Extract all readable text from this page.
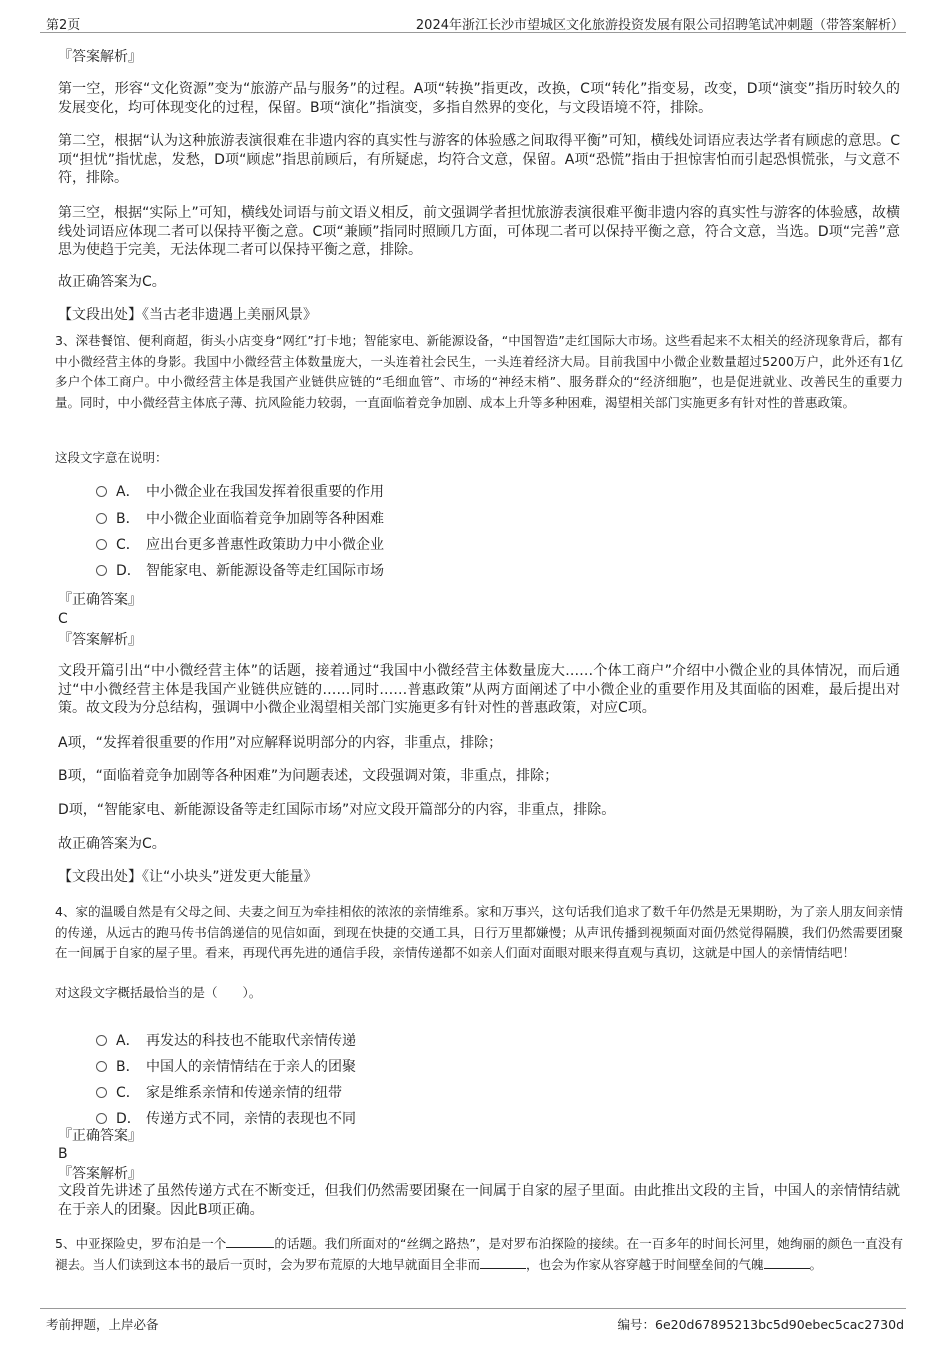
第2页	2024年浙江长沙市望城区文化旅游投资发展有限公司招聘笔试冲刺题（带答案解析）
『答案解析』

第一空，形容“文化资源”变为“旅游产品与服务”的过程。A项“转换”指更改，改换，C项“转化”指变易，改变，D项“演变”指历时较久的发展变化，均可体现变化的过程，保留。B项“演化”指演变，多指自然界的变化，与文段语境不符，排除。

第二空，根据“认为这种旅游表演很难在非遗内容的真实性与游客的体验感之间取得平衡”可知，横线处词语应表达学者有顾虑的意思。C项“担忧”指忧虑，发愁，D项“顾虑”指思前顾后，有所疑虑，均符合文意，保留。A项“恐慌”指由于担惊害怕而引起恐惧慌张，与文意不符，排除。

第三空，根据“实际上”可知，横线处词语与前文语义相反，前文强调学者担忧旅游表演很难平衡非遗内容的真实性与游客的体验感，故横线处词语应体现二者可以保持平衡之意。C项“兼顾”指同时照顾几方面，可体现二者可以保持平衡之意，符合文意，当选。D项“完善”意思为使趋于完美，无法体现二者可以保持平衡之意，排除。

故正确答案为C。

【文段出处】《当古老非遗遇上美丽风景》

3、深巷餐馆、便利商超，街头小店变身“网红”打卡地；智能家电、新能源设备，“中国智造”走红国际大市场。这些看起来不太相关的经济现象背后，都有中小微经营主体的身影。我国中小微经营主体数量庞大，一头连着社会民生，一头连着经济大局。目前我国中小微企业数量超过5200万户，此外还有1亿多户个体工商户。中小微经营主体是我国产业链供应链的“毛细血管”、市场的“神经末梢”、服务群众的“经济细胞”，也是促进就业、改善民生的重要力量。同时，中小微经营主体底子薄、抗风险能力较弱，一直面临着竞争加剧、成本上升等多种困难，渴望相关部门实施更多有针对性的普惠政策。

这段文字意在说明：

A． 中小微企业在我国发挥着很重要的作用
B． 中小微企业面临着竞争加剧等各种困难
C． 应出台更多普惠性政策助力中小微企业
D． 智能家电、新能源设备等走红国际市场
『正确答案』
C
『答案解析』

文段开篇引出“中小微经营主体”的话题，接着通过“我国中小微经营主体数量庞大……个体工商户”介绍中小微企业的具体情况，而后通过“中小微经营主体是我国产业链供应链的……同时……普惠政策”从两方面阐述了中小微企业的重要作用及其面临的困难，最后提出对策。故文段为分总结构，强调中小微企业渴望相关部门实施更多有针对性的普惠政策，对应C项。

A项，“发挥着很重要的作用”对应解释说明部分的内容，非重点，排除；

B项，“面临着竞争加剧等各种困难”为问题表述，文段强调对策，非重点，排除；

D项，“智能家电、新能源设备等走红国际市场”对应文段开篇部分的内容，非重点，排除。

故正确答案为C。

【文段出处】《让“小块头”迸发更大能量》

4、家的温暖自然是有父母之间、夫妻之间互为牵挂相依的浓浓的亲情维系。家和万事兴，这句话我们追求了数千年仍然是无果期盼，为了亲人朋友间亲情的传递，从远古的跑马传书信鸽递信的见信如面，到现在快捷的交通工具，日行万里都嫌慢；从声讯传播到视频面对面仍然觉得隔膜，我们仍然需要团聚在一间属于自家的屋子里。看来，再现代再先进的通信手段，亲情传递都不如亲人们面对面眼对眼来得直观与真切，这就是中国人的亲情情结吧！

对这段文字概括最恰当的是（　　）。

A． 再发达的科技也不能取代亲情传递
B． 中国人的亲情情结在于亲人的团聚
C． 家是维系亲情和传递亲情的纽带
D． 传递方式不同，亲情的表现也不同
『正确答案』
B
『答案解析』

文段首先讲述了虽然传递方式在不断变迁，但我们仍然需要团聚在一间属于自家的屋子里面。由此推出文段的主旨，中国人的亲情情结就在于亲人的团聚。因此B项正确。

5、中亚探险史，罗布泊是一个	的话题。我们所面对的“丝绸之路热”，是对罗布泊探险的接续。在一百多年的时间长河里，她绚丽的颜色一直没有褪去。当人们读到这本书的最后一页时，会为罗布荒原的大地早就面目全非而	，也会为作家从容穿越于时间壁垒间的气魄	。

考前押题，上岸必备	编号：6e20d67895213bc5d90ebec5cac2730d
